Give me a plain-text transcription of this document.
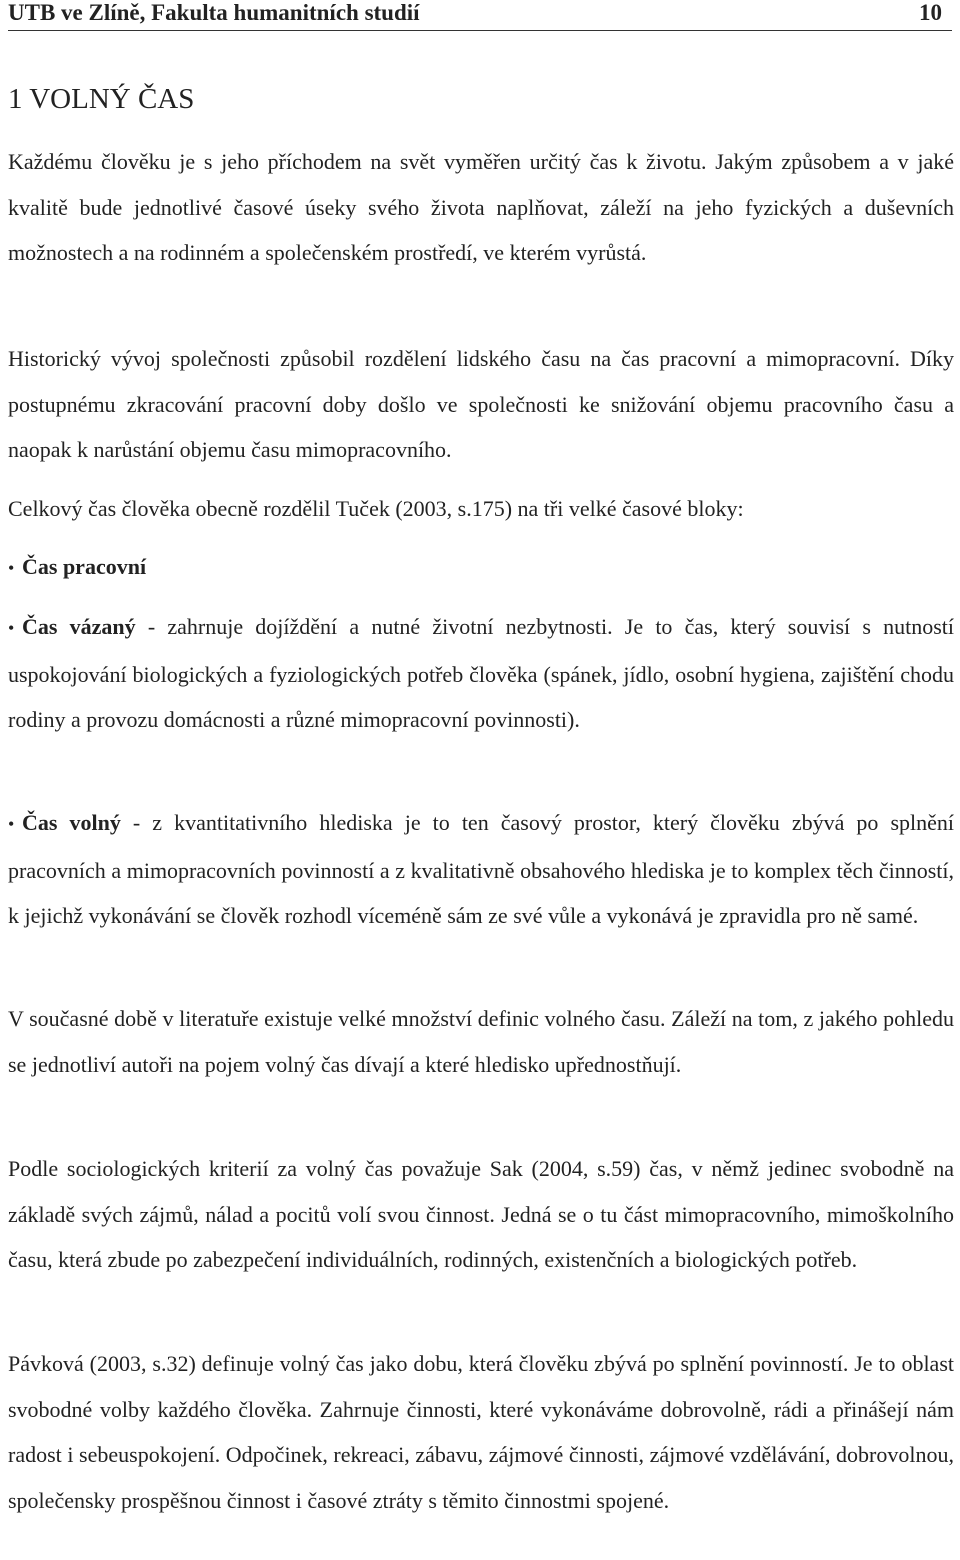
UTB ve Zlíně, Fakulta humanitních studií	10
1 VOLNÝ ČAS

Každému člověku je s jeho příchodem na svět vyměřen určitý čas k životu. Jakým způsobem a v jaké kvalitě bude jednotlivé časové úseky svého života naplňovat, záleží na jeho fyzických a duševních možnostech a na rodinném a společenském prostředí, ve kterém vyrůstá.

Historický vývoj společnosti způsobil rozdělení lidského času na čas pracovní a mimopracovní. Díky postupnému zkracování pracovní doby došlo ve společnosti ke snižování objemu pracovního času a naopak k narůstání objemu času mimopracovního.

Celkový čas člověka obecně rozdělil Tuček (2003, s.175) na tři velké časové bloky:

• Čas pracovní

• Čas vázaný - zahrnuje dojíždění a nutné životní nezbytnosti. Je to čas, který souvisí s nutností uspokojování biologických a fyziologických potřeb člověka (spánek, jídlo, osobní hygiena, zajištění chodu rodiny a provozu domácnosti a různé mimopracovní povinnosti).

• Čas volný - z kvantitativního hlediska je to ten časový prostor, který člověku zbývá po splnění pracovních a mimopracovních povinností a z kvalitativně obsahového hlediska je to komplex těch činností, k jejichž vykonávání se člověk rozhodl víceméně sám ze své vůle a vykonává je zpravidla pro ně samé.

V současné době v literatuře existuje velké množství definic volného času. Záleží na tom, z jakého pohledu se jednotliví autoři na pojem volný čas dívají a které hledisko upřednostňují.

Podle sociologických kriterií za volný čas považuje Sak (2004, s.59) čas, v němž jedinec svobodně na základě svých zájmů, nálad a pocitů volí svou činnost. Jedná se o tu část mimopracovního, mimoškolního času, která zbude po zabezpečení individuálních, rodinných, existenčních a biologických potřeb.

Pávková (2003, s.32) definuje volný čas jako dobu, která člověku zbývá po splnění povinností. Je to oblast svobodné volby každého člověka. Zahrnuje činnosti, které vykonáváme dobrovolně, rádi a přinášejí nám radost i sebeuspokojení. Odpočinek, rekreaci, zábavu, zájmové činnosti, zájmové vzdělávání, dobrovolnou, společensky prospěšnou činnost i časové ztráty s těmito činnostmi spojené.
